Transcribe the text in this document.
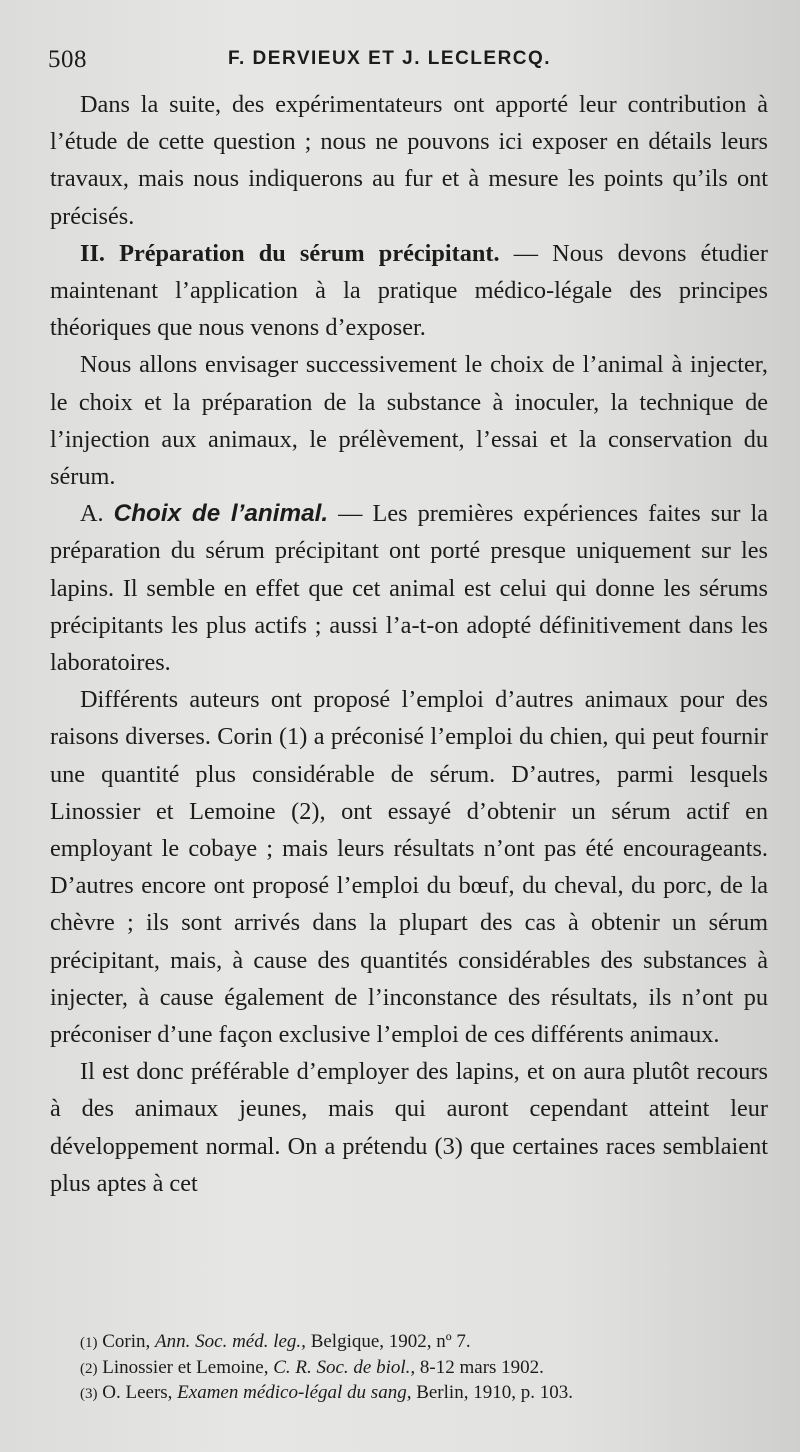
508	F. DERVIEUX ET J. LECLERCQ.

Dans la suite, des expérimentateurs ont apporté leur contribution à l’étude de cette question ; nous ne pouvons ici exposer en détails leurs travaux, mais nous indiquerons au fur et à mesure les points qu’ils ont précisés.

II. Préparation du sérum précipitant. — Nous devons étudier maintenant l’application à la pratique médico-légale des principes théoriques que nous venons d’exposer.

Nous allons envisager successivement le choix de l’animal à injecter, le choix et la préparation de la substance à inoculer, la technique de l’injection aux animaux, le prélèvement, l’essai et la conservation du sérum.

A. Choix de l’animal. — Les premières expériences faites sur la préparation du sérum précipitant ont porté presque uniquement sur les lapins. Il semble en effet que cet animal est celui qui donne les sérums précipitants les plus actifs ; aussi l’a-t-on adopté définitivement dans les laboratoires.

Différents auteurs ont proposé l’emploi d’autres animaux pour des raisons diverses. Corin (1) a préconisé l’emploi du chien, qui peut fournir une quantité plus considérable de sérum. D’autres, parmi lesquels Linossier et Lemoine (2), ont essayé d’obtenir un sérum actif en employant le cobaye ; mais leurs résultats n’ont pas été encourageants. D’autres encore ont proposé l’emploi du bœuf, du cheval, du porc, de la chèvre ; ils sont arrivés dans la plupart des cas à obtenir un sérum précipitant, mais, à cause des quantités considérables des substances à injecter, à cause également de l’inconstance des résultats, ils n’ont pu préconiser d’une façon exclusive l’emploi de ces différents animaux.

Il est donc préférable d’employer des lapins, et on aura plutôt recours à des animaux jeunes, mais qui auront cependant atteint leur développement normal. On a prétendu (3) que certaines races semblaient plus aptes à cet

(1) Corin, Ann. Soc. méd. leg., Belgique, 1902, nº 7.
(2) Linossier et Lemoine, C. R. Soc. de biol., 8-12 mars 1902.
(3) O. Leers, Examen médico-légal du sang, Berlin, 1910, p. 103.
